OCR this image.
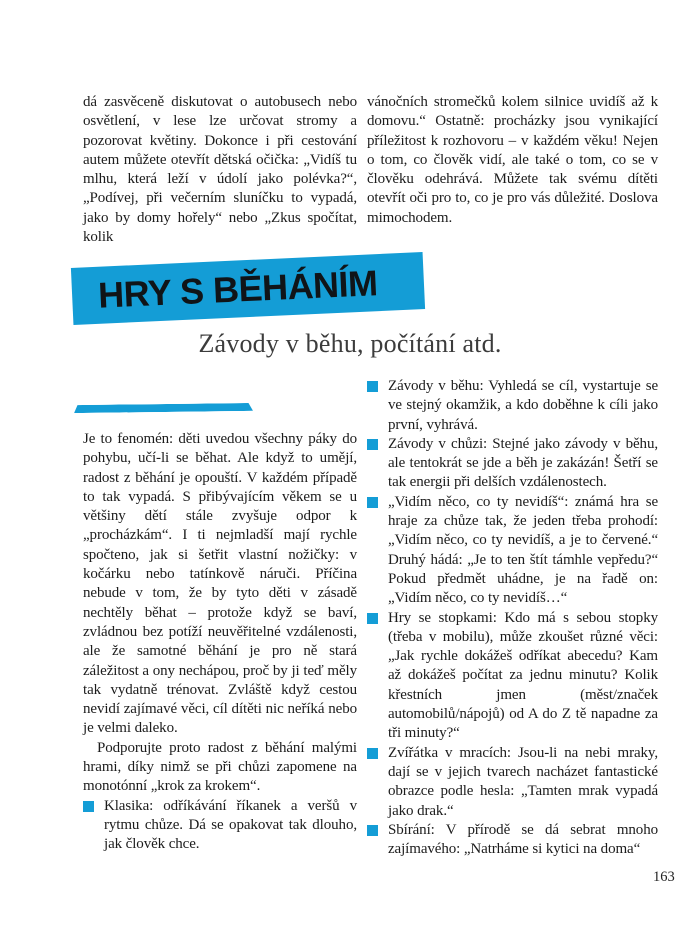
dá zasvěceně diskutovat o autobusech nebo osvětlení, v lese lze určovat stromy a pozorovat květiny. Dokonce i při cestování autem můžete otevřít dětská očička: „Vidíš tu mlhu, která leží v údolí jako polévka?“, „Podívej, při večerním sluníčku to vypadá, jako by domy hořely“ nebo „Zkus spočítat, kolik
vánočních stromečků kolem silnice uvidíš až k domovu.“ Ostatně: procházky jsou vynikající příležitost k rozhovoru – v každém věku! Nejen o tom, co člověk vidí, ale také o tom, co se v člověku odehrává. Můžete tak svému dítěti otevřít oči pro to, co je pro vás důležité. Doslova mimochodem.
HRY S BĚHÁNÍM
Závody v běhu, počítání atd.

Je to fenomén: děti uvedou všechny páky do pohybu, učí-li se běhat. Ale když to umějí, radost z běhání je opouští. V každém případě to tak vypadá. S přibývajícím věkem se u většiny dětí stále zvyšuje odpor k „procházkám“. I ti nejmladší mají rychle spočteno, jak si šetřit vlastní nožičky: v kočárku nebo tatínkově náruči. Příčina nebude v tom, že by tyto děti v zásadě nechtěly běhat – protože když se baví, zvládnou bez potíží neuvěřitelné vzdálenosti, ale že samotné běhání je pro ně stará záležitost a ony nechápou, proč by ji teď měly tak vydatně trénovat. Zvláště když cestou nevidí zajímavé věci, cíl dítěti nic neříká nebo je velmi daleko.

Podporujte proto radost z běhání malými hrami, díky nimž se při chůzi zapomene na monotónní „krok za krokem“.

Klasika: odříkávání říkanek a veršů v rytmu chůze. Dá se opakovat tak dlouho, jak člověk chce.
Závody v běhu: Vyhledá se cíl, vystartuje se ve stejný okamžik, a kdo doběhne k cíli jako první, vyhrává.
Závody v chůzi: Stejné jako závody v běhu, ale tentokrát se jde a běh je zakázán! Šetří se tak energii při delších vzdálenostech.
„Vidím něco, co ty nevidíš“: známá hra se hraje za chůze tak, že jeden třeba prohodí: „Vidím něco, co ty nevidíš, a je to červené.“ Druhý hádá: „Je to ten štít támhle vepředu?“ Pokud předmět uhádne, je na řadě on: „Vidím něco, co ty nevidíš…“
Hry se stopkami: Kdo má s sebou stopky (třeba v mobilu), může zkoušet různé věci: „Jak rychle dokážeš odříkat abecedu? Kam až dokážeš počítat za jednu minutu? Kolik křestních jmen (měst/značek automobilů/nápojů) od A do Z tě napadne za tři minuty?“
Zvířátka v mracích: Jsou-li na nebi mraky, dají se v jejich tvarech nacházet fantastické obrazce podle hesla: „Tamten mrak vypadá jako drak.“
Sbírání: V přírodě se dá sebrat mnoho zajímavého: „Natrháme si kytici na doma“
163
